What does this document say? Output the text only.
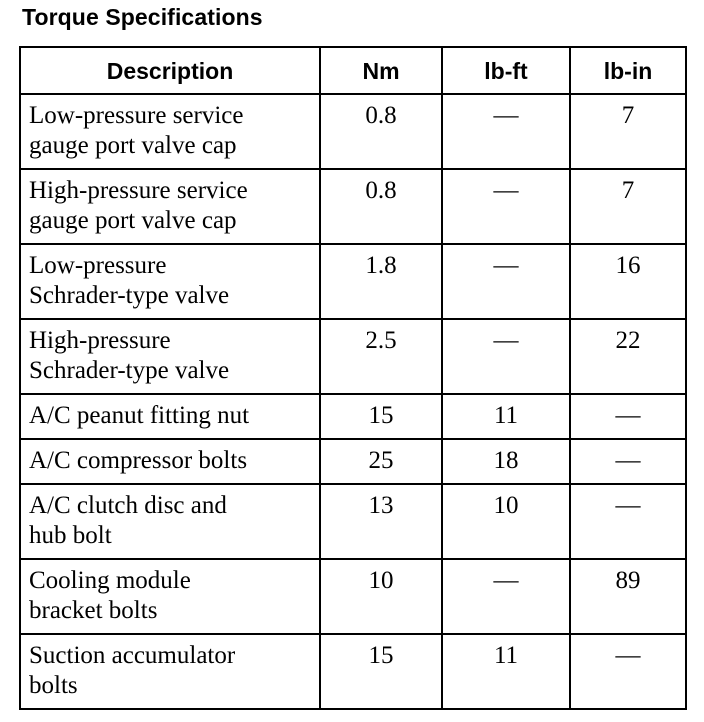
Torque Specifications
Description	Nm	lb-ft	lb-in

Low-pressure service
gauge port valve cap	0.8	—	7

High-pressure service
gauge port valve cap	0.8	—	7

Low-pressure
Schrader-type valve	1.8	—	16

High-pressure
Schrader-type valve	2.5	—	22

A/C peanut fitting nut	15	11	—

A/C compressor bolts	25	18	—

A/C clutch disc and
hub bolt	13	10	—

Cooling module
bracket bolts	10	—	89

Suction accumulator
bolts	15	11	—
